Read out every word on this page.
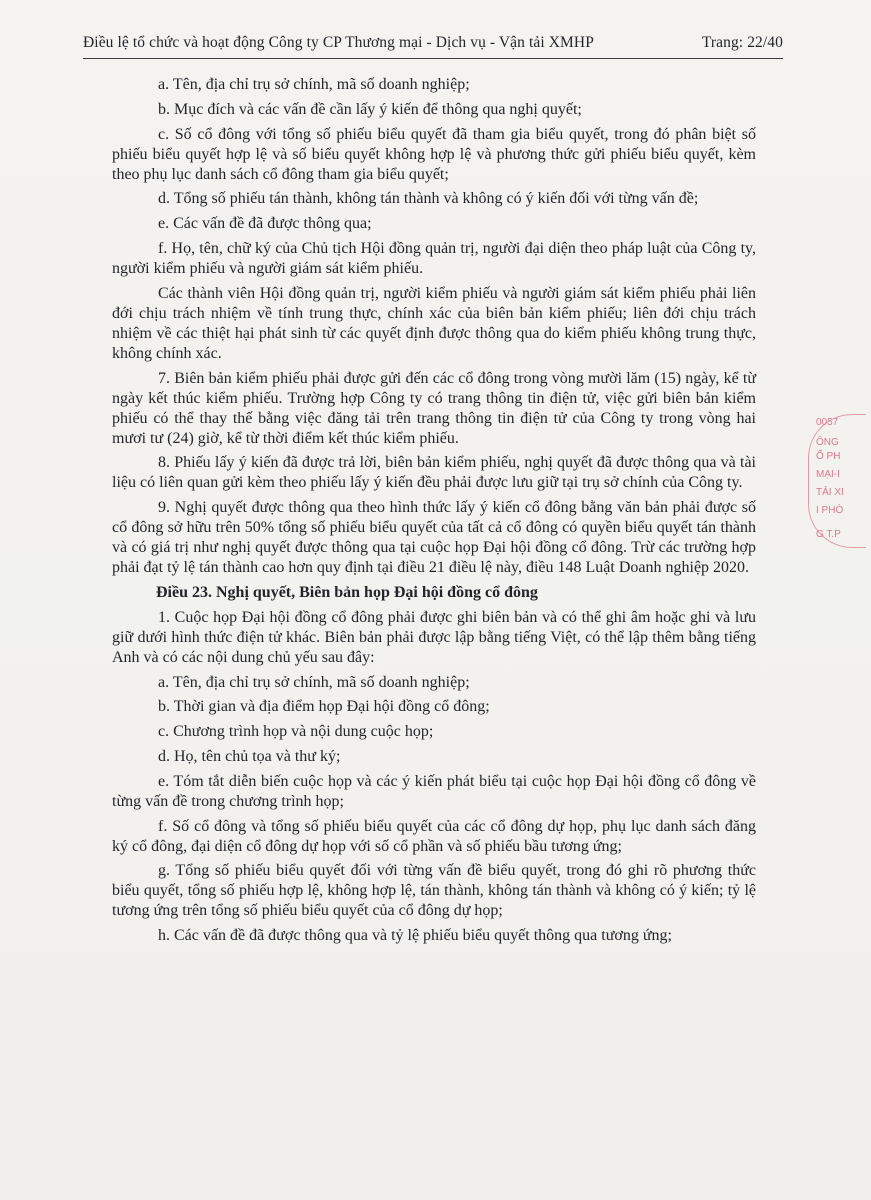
Điều lệ tổ chức và hoạt động Công ty CP Thương mại - Dịch vụ - Vận tải XMHP	Trang: 22/40

a. Tên, địa chỉ trụ sở chính, mã số doanh nghiệp;

b. Mục đích và các vấn đề cần lấy ý kiến để thông qua nghị quyết;

c. Số cổ đông với tổng số phiếu biểu quyết đã tham gia biểu quyết, trong đó phân biệt số phiếu biểu quyết hợp lệ và số biểu quyết không hợp lệ và phương thức gửi phiếu biểu quyết, kèm theo phụ lục danh sách cổ đông tham gia biểu quyết;

d. Tổng số phiếu tán thành, không tán thành và không có ý kiến đối với từng vấn đề;

e. Các vấn đề đã được thông qua;

f. Họ, tên, chữ ký của Chủ tịch Hội đồng quản trị, người đại diện theo pháp luật của Công ty, người kiểm phiếu và người giám sát kiểm phiếu.

Các thành viên Hội đồng quản trị, người kiểm phiếu và người giám sát kiểm phiếu phải liên đới chịu trách nhiệm về tính trung thực, chính xác của biên bản kiểm phiếu; liên đới chịu trách nhiệm về các thiệt hại phát sinh từ các quyết định được thông qua do kiểm phiếu không trung thực, không chính xác.

7. Biên bản kiểm phiếu phải được gửi đến các cổ đông trong vòng mười lăm (15) ngày, kể từ ngày kết thúc kiểm phiếu. Trường hợp Công ty có trang thông tin điện tử, việc gửi biên bản kiểm phiếu có thể thay thế bằng việc đăng tải trên trang thông tin điện tử của Công ty trong vòng hai mươi tư (24) giờ, kể từ thời điểm kết thúc kiểm phiếu.

8. Phiếu lấy ý kiến đã được trả lời, biên bản kiểm phiếu, nghị quyết đã được thông qua và tài liệu có liên quan gửi kèm theo phiếu lấy ý kiến đều phải được lưu giữ tại trụ sở chính của Công ty.

9. Nghị quyết được thông qua theo hình thức lấy ý kiến cổ đông bằng văn bản phải được số cổ đông sở hữu trên 50% tổng số phiếu biểu quyết của tất cả cổ đông có quyền biểu quyết tán thành và có giá trị như nghị quyết được thông qua tại cuộc họp Đại hội đồng cổ đông. Trừ các trường hợp phải đạt tỷ lệ tán thành cao hơn quy định tại điều 21 điều lệ này, điều 148 Luật Doanh nghiệp 2020.

Điều 23. Nghị quyết, Biên bản họp Đại hội đồng cổ đông

1. Cuộc họp Đại hội đồng cổ đông phải được ghi biên bản và có thể ghi âm hoặc ghi và lưu giữ dưới hình thức điện tử khác. Biên bản phải được lập bằng tiếng Việt, có thể lập thêm bằng tiếng Anh và có các nội dung chủ yếu sau đây:

a. Tên, địa chỉ trụ sở chính, mã số doanh nghiệp;

b. Thời gian và địa điểm họp Đại hội đồng cổ đông;

c. Chương trình họp và nội dung cuộc họp;

d. Họ, tên chủ tọa và thư ký;

e. Tóm tắt diễn biến cuộc họp và các ý kiến phát biểu tại cuộc họp Đại hội đồng cổ đông về từng vấn đề trong chương trình họp;

f. Số cổ đông và tổng số phiếu biểu quyết của các cổ đông dự họp, phụ lục danh sách đăng ký cổ đông, đại diện cổ đông dự họp với số cổ phần và số phiếu bầu tương ứng;

g. Tổng số phiếu biểu quyết đối với từng vấn đề biểu quyết, trong đó ghi rõ phương thức biểu quyết, tổng số phiếu hợp lệ, không hợp lệ, tán thành, không tán thành và không có ý kiến; tỷ lệ tương ứng trên tổng số phiếu biểu quyết của cổ đông dự họp;

h. Các vấn đề đã được thông qua và tỷ lệ phiếu biểu quyết thông qua tương ứng;

0057
ÔNG
Ổ PH
MẠI-I
TẢI XI
I PHÒ
G T.P
